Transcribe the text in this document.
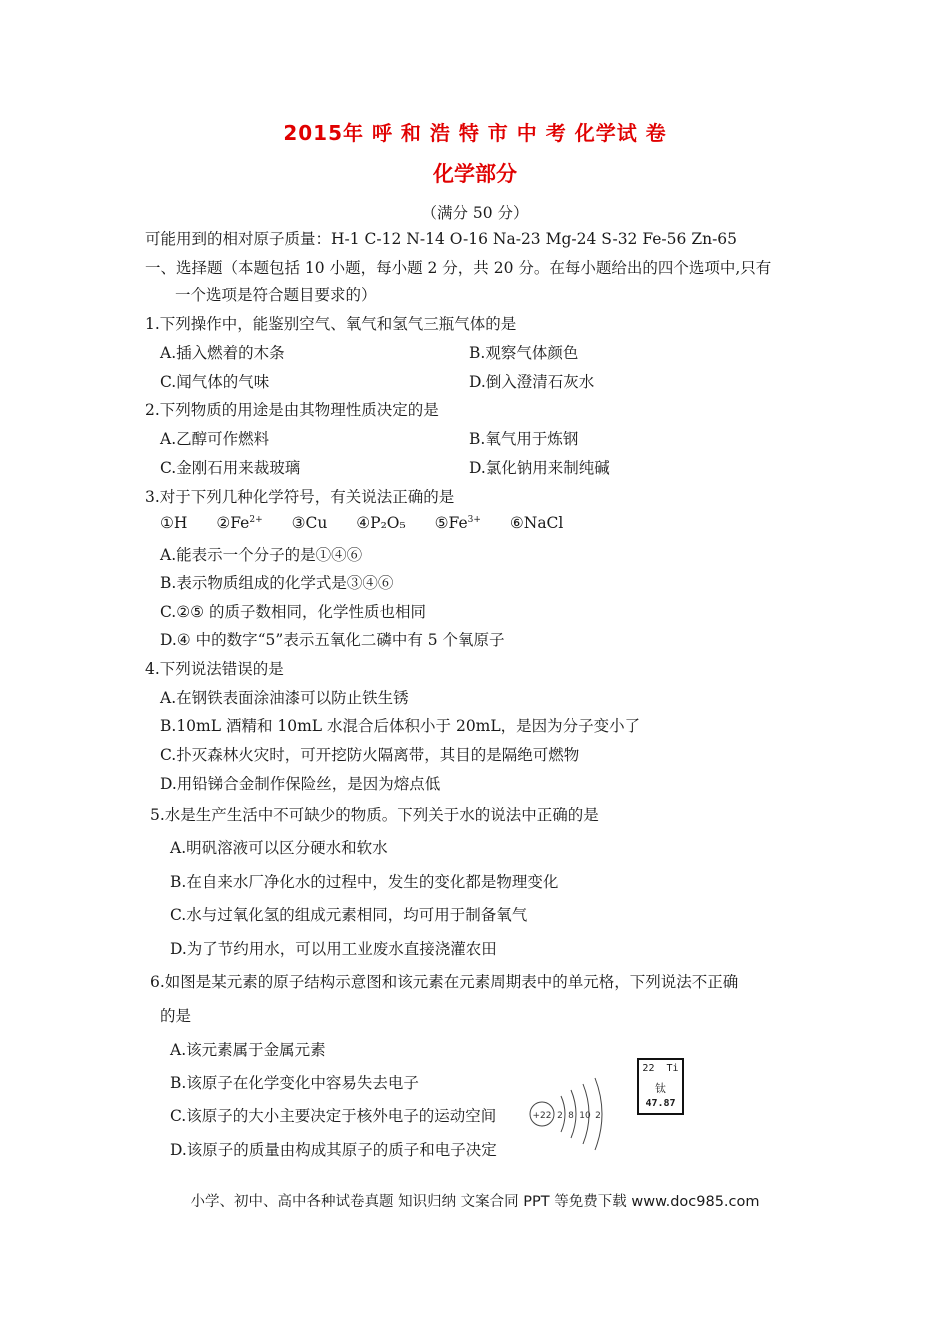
2015年 呼 和 浩 特 市 中 考 化学试 卷
化学部分
（满分 50 分）
可能用到的相对原子质量：H-1 C-12 N-14 O-16 Na-23 Mg-24 S-32 Fe-56 Zn-65
一、选择题（本题包括 10 小题，每小题 2 分，共 20 分。在每小题给出的四个选项中,只有
一个选项是符合题目要求的）
1.下列操作中，能鉴别空气、氧气和氢气三瓶气体的是
A.插入燃着的木条	B.观察气体颜色
C.闻气体的气味	D.倒入澄清石灰水
2.下列物质的用途是由其物理性质决定的是
A.乙醇可作燃料	B.氧气用于炼钢
C.金刚石用来裁玻璃	D.氯化钠用来制纯碱
3.对于下列几种化学符号，有关说法正确的是
①H $②Fe^{2+}$ ③Cu ④P₂O₅ $⑤Fe^{3+}$ ⑥NaCl
A.能表示一个分子的是①④⑥
B.表示物质组成的化学式是③④⑥
C.②⑤ 的质子数相同，化学性质也相同
D.④ 中的数字“5”表示五氧化二磷中有 5 个氧原子
4.下列说法错误的是
A.在钢铁表面涂油漆可以防止铁生锈
B.10mL 酒精和 10mL 水混合后体积小于 20mL，是因为分子变小了
C.扑灭森林火灾时，可开挖防火隔离带，其目的是隔绝可燃物
D.用铅锑合金制作保险丝，是因为熔点低
5.水是生产生活中不可缺少的物质。下列关于水的说法中正确的是
A.明矾溶液可以区分硬水和软水
B.在自来水厂净化水的过程中，发生的变化都是物理变化
C.水与过氧化氢的组成元素相同，均可用于制备氧气
D.为了节约用水，可以用工业废水直接浇灌农田
6.如图是某元素的原子结构示意图和该元素在元素周期表中的单元格，下列说法不正确
的是
A.该元素属于金属元素
B.该原子在化学变化中容易失去电子
C.该原子的大小主要决定于核外电子的运动空间
D.该原子的质量由构成其原子的质子和电子决定
+22 2 8 10 2
22 Ti
钛
47.87
小学、初中、高中各种试卷真题 知识归纳 文案合同 PPT 等免费下载 www.doc985.com
